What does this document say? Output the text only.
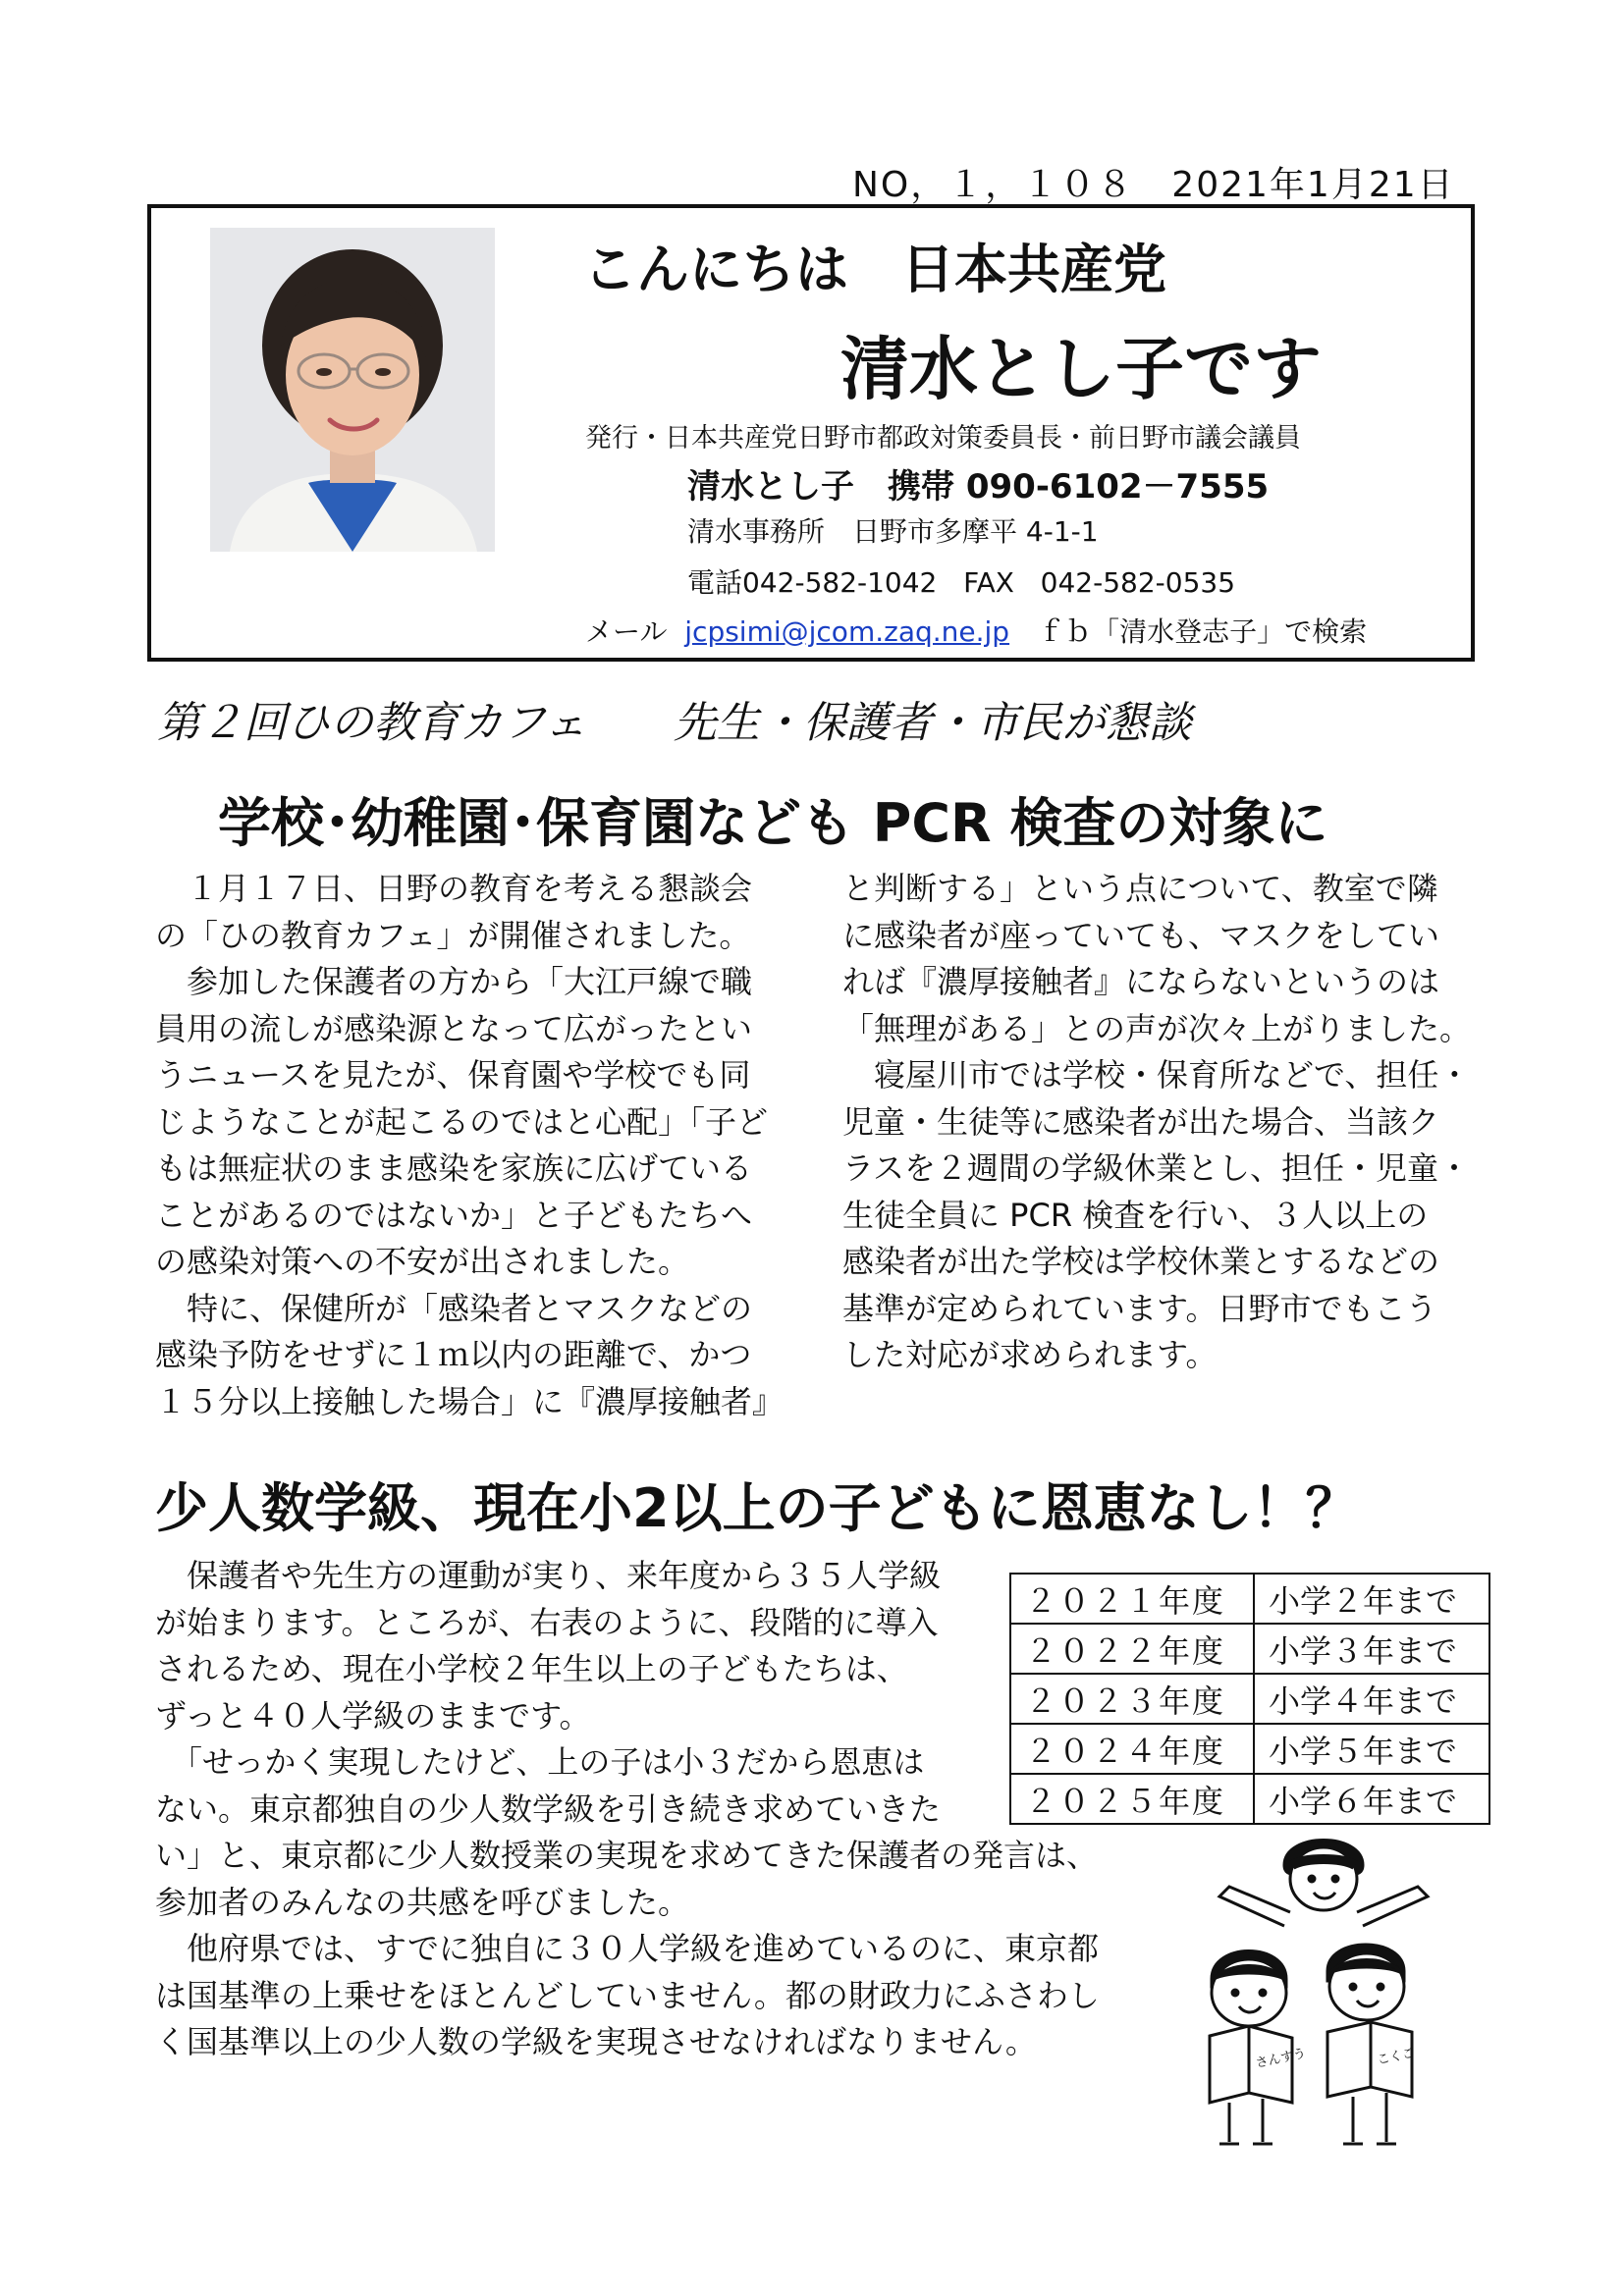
NO，１，１０８　 2021年1月21日
こんにちは　日本共産党
清水とし子です
発行・日本共産党日野市都政対策委員長・前日野市議会議員
清水とし子　携帯 090-6102－7555
清水事務所　 日野市多摩平 4-1-1
電話042-582-1042 FAX 042-582-0535
メール jcpsimi@jcom.zaq.ne.jp　 ｆｂ「清水登志子」で検索
第２回ひの教育カフェ　　先生・保護者・市民が懇談
学校･幼稚園･保育園なども PCR 検査の対象に

　１月１７日、日野の教育を考える懇談会

の「ひの教育カフェ」が開催されました。

　参加した保護者の方から「大江戸線で職

員用の流しが感染源となって広がったとい

うニュースを見たが、保育園や学校でも同

じようなことが起こるのではと心配」「子ど

もは無症状のまま感染を家族に広げている

ことがあるのではないか」と子どもたちへ

の感染対策への不安が出されました。

　特に、保健所が「感染者とマスクなどの

感染予防をせずに１ｍ以内の距離で、かつ

１５分以上接触した場合」に『濃厚接触者』

と判断する」という点について、教室で隣

に感染者が座っていても、マスクをしてい

れば『濃厚接触者』にならないというのは

「無理がある」との声が次々上がりました。

　寝屋川市では学校・保育所などで、担任・

児童・生徒等に感染者が出た場合、当該ク

ラスを２週間の学級休業とし、担任・児童・

生徒全員に PCR 検査を行い、３人以上の

感染者が出た学校は学校休業とするなどの

基準が定められています。日野市でもこう

した対応が求められます。

少人数学級、現在小2以上の子どもに恩恵なし！？

　保護者や先生方の運動が実り、来年度から３５人学級

が始まります。ところが、右表のように、段階的に導入

されるため、現在小学校２年生以上の子どもたちは、

ずっと４０人学級のままです。

　「せっかく実現したけど、上の子は小３だから恩恵は

ない。東京都独自の少人数学級を引き続き求めていきた

２０２１年度	小学２年まで
２０２２年度	小学３年まで
２０２３年度	小学４年まで
２０２４年度	小学５年まで
２０２５年度	小学６年まで

い」と、東京都に少人数授業の実現を求めてきた保護者の発言は、

参加者のみんなの共感を呼びました。

　他府県では、すでに独自に３０人学級を進めているのに、東京都

は国基準の上乗せをほとんどしていません。都の財政力にふさわし

く国基準以上の少人数の学級を実現させなければなりません。	さんすう	こくご
